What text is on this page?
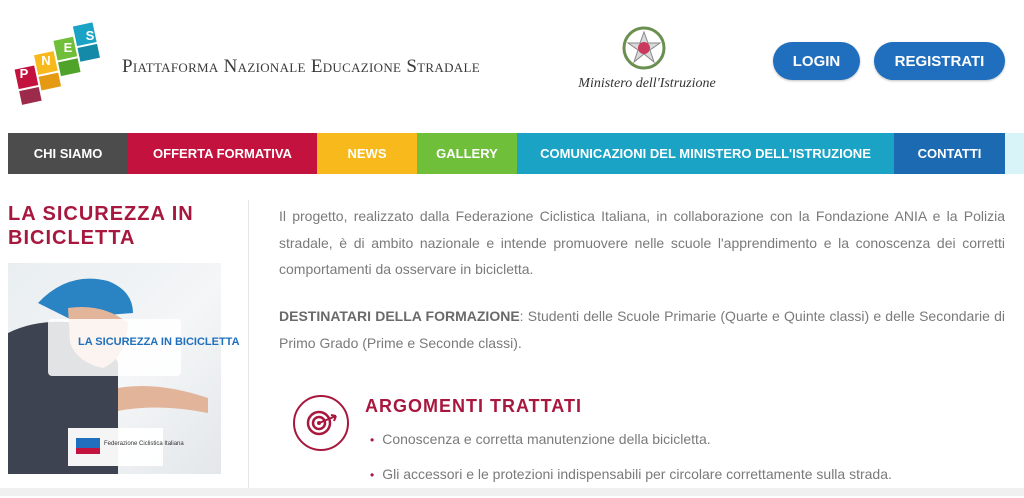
P
N
E
S
Piattaforma Nazionale Educazione Stradale
Ministero dell'Istruzione
LOGIN	REGISTRATI
CHI SIAMO	OFFERTA FORMATIVA	NEWS	GALLERY	COMUNICAZIONI DEL MINISTERO DELL'ISTRUZIONE	CONTATTI
LA SICUREZZA IN BICICLETTA
LA SICUREZZA IN BICICLETTA
Federazione Ciclistica Italiana

Il progetto, realizzato dalla Federazione Ciclistica Italiana, in collaborazione con la Fondazione ANIA e la Polizia stradale, è di ambito nazionale e intende promuovere nelle scuole l'apprendimento e la conoscenza dei corretti comportamenti da osservare in bicicletta.

DESTINATARI DELLA FORMAZIONE: Studenti delle Scuole Primarie (Quarte e Quinte classi) e delle Secondarie di Primo Grado (Prime e Seconde classi).

ARGOMENTI TRATTATI
• Conoscenza e corretta manutenzione della bicicletta.
• Gli accessori e le protezioni indispensabili per circolare correttamente sulla strada.
